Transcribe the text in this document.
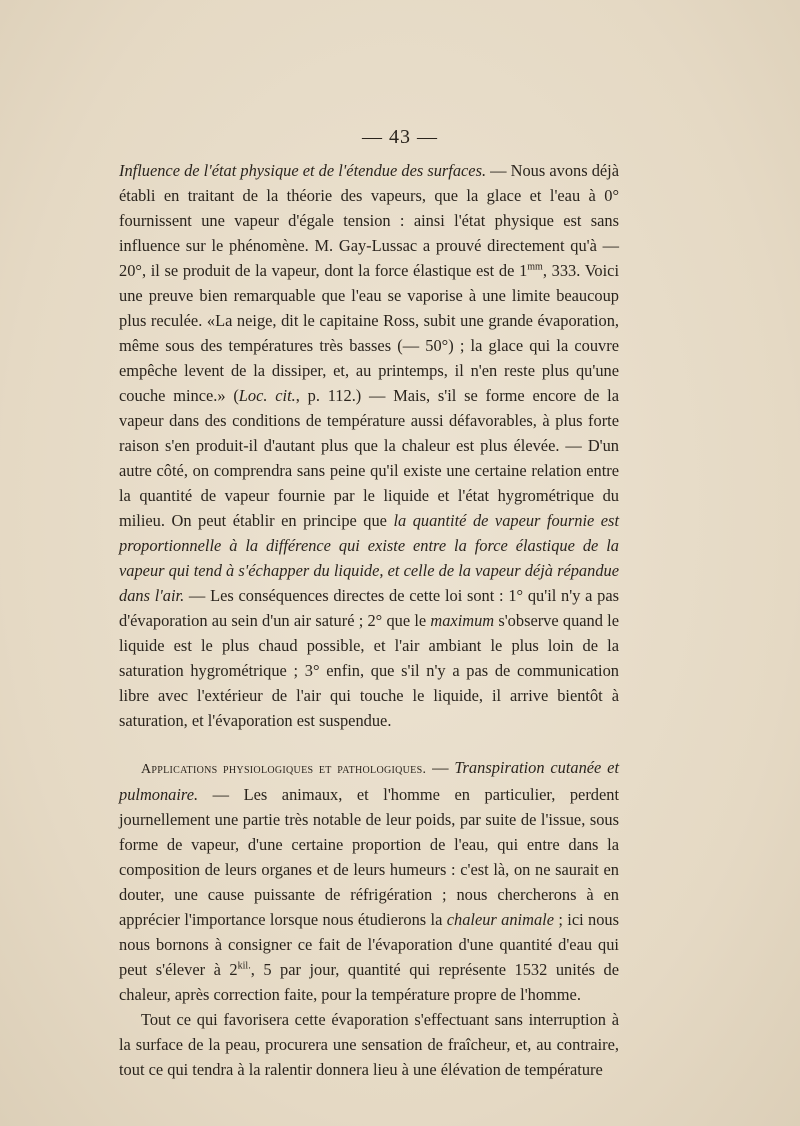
— 43 —

Influence de l'état physique et de l'étendue des surfaces. — Nous avons déjà établi en traitant de la théorie des vapeurs, que la glace et l'eau à 0° fournissent une vapeur d'égale tension : ainsi l'état physique est sans influence sur le phénomène. M. Gay-Lussac a prouvé directement qu'à — 20°, il se produit de la vapeur, dont la force élastique est de $1^{mm}$, 333. Voici une preuve bien remarquable que l'eau se vaporise à une limite beaucoup plus reculée. «La neige, dit le capitaine Ross, subit une grande évaporation, même sous des températures très basses (— 50°) ; la glace qui la couvre empêche levent de la dissiper, et, au printemps, il n'en reste plus qu'une couche mince.» (Loc. cit., p. 112.) — Mais, s'il se forme encore de la vapeur dans des conditions de température aussi défavorables, à plus forte raison s'en produit-il d'autant plus que la chaleur est plus élevée. — D'un autre côté, on comprendra sans peine qu'il existe une certaine relation entre la quantité de vapeur fournie par le liquide et l'état hygrométrique du milieu. On peut établir en principe que la quantité de vapeur fournie est proportionnelle à la différence qui existe entre la force élastique de la vapeur qui tend à s'échapper du liquide, et celle de la vapeur déjà répandue dans l'air. — Les conséquences directes de cette loi sont : 1° qu'il n'y a pas d'évaporation au sein d'un air saturé ; 2° que le maximum s'observe quand le liquide est le plus chaud possible, et l'air ambiant le plus loin de la saturation hygrométrique ; 3° enfin, que s'il n'y a pas de communication libre avec l'extérieur de l'air qui touche le liquide, il arrive bientôt à saturation, et l'évaporation est suspendue.

Applications physiologiques et pathologiques. — Transpiration cutanée et pulmonaire. — Les animaux, et l'homme en particulier, perdent journellement une partie très notable de leur poids, par suite de l'issue, sous forme de vapeur, d'une certaine proportion de l'eau, qui entre dans la composition de leurs organes et de leurs humeurs : c'est là, on ne saurait en douter, une cause puissante de réfrigération ; nous chercherons à en apprécier l'importance lorsque nous étudierons la chaleur animale ; ici nous nous bornons à consigner ce fait de l'évaporation d'une quantité d'eau qui peut s'élever à $2^{kil.}$, 5 par jour, quantité qui représente 1532 unités de chaleur, après correction faite, pour la température propre de l'homme.

Tout ce qui favorisera cette évaporation s'effectuant sans interruption à la surface de la peau, procurera une sensation de fraîcheur, et, au contraire, tout ce qui tendra à la ralentir donnera lieu à une élévation de température
